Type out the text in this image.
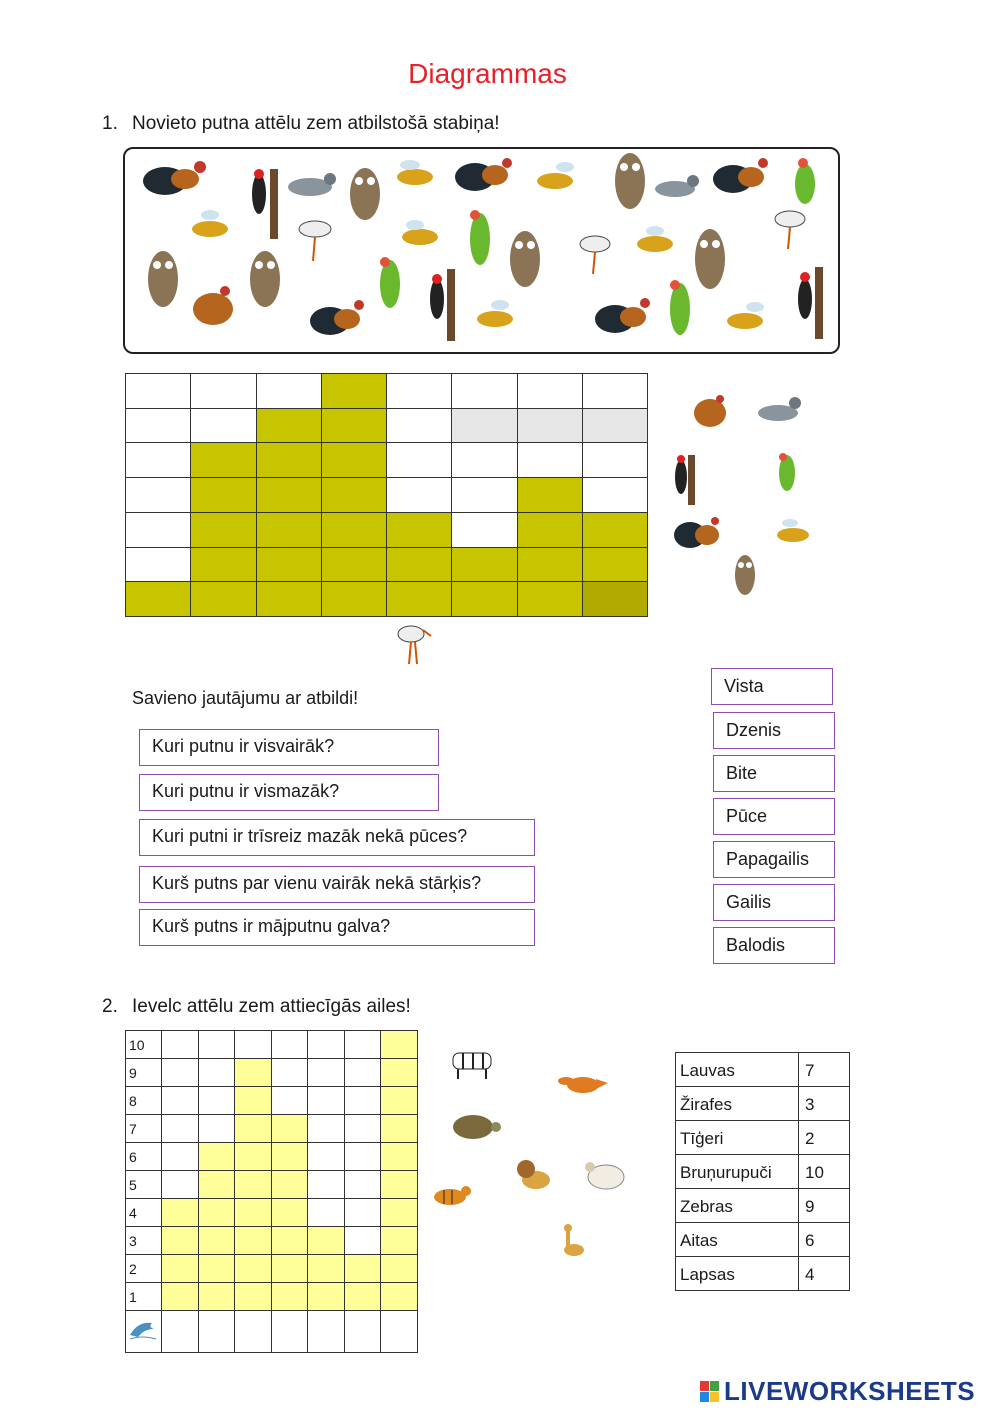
Diagrammas
1. Novieto putna attēlu zem atbilstošā stabiņa!
Savieno jautājumu ar atbildi!
Kuri putnu ir visvairāk?
Kuri putnu ir vismazāk?
Kuri putni ir trīsreiz mazāk nekā pūces?
Kurš putns par vienu vairāk nekā stārķis?
Kurš putns ir mājputnu galva?
Vista
Dzenis
Bite
Pūce
Papagailis
Gailis
Balodis
2. Ievelc attēlu zem attiecīgās ailes!
10
9
8
7
6
5
4
3
2
1
Lauvas	7
Žirafes	3
Tīģeri	2
Bruņurupuči	10
Zebras	9
Aitas	6
Lapsas	4
LIVEWORKSHEETS
